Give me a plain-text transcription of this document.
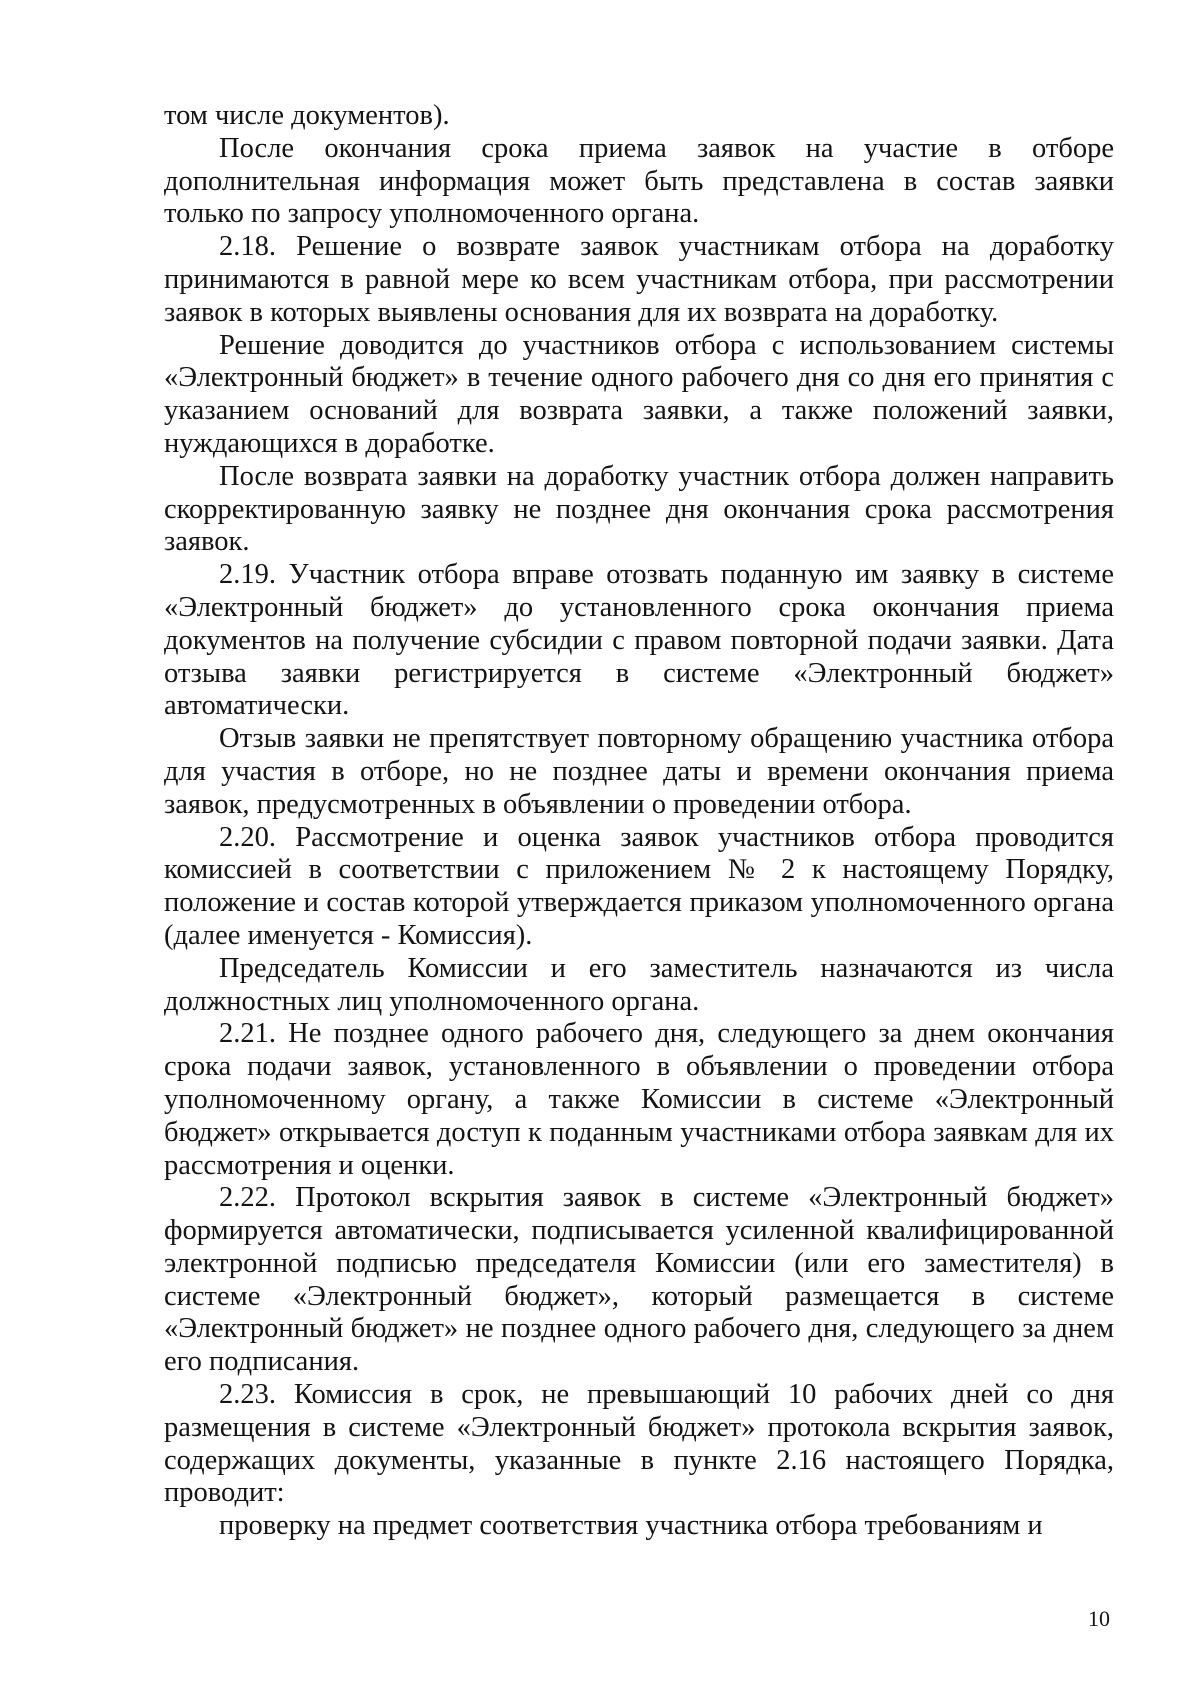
том числе документов).

После окончания срока приема заявок на участие в отборе дополнительная информация может быть представлена в состав заявки только по запросу уполномоченного органа.

2.18. Решение о возврате заявок участникам отбора на доработку принимаются в равной мере ко всем участникам отбора, при рассмотрении заявок в которых выявлены основания для их возврата на доработку.

Решение доводится до участников отбора с использованием системы «Электронный бюджет» в течение одного рабочего дня со дня его принятия с указанием оснований для возврата заявки, а также положений заявки, нуждающихся в доработке.

После возврата заявки на доработку участник отбора должен направить скорректированную заявку не позднее дня окончания срока рассмотрения заявок.

2.19. Участник отбора вправе отозвать поданную им заявку в системе «Электронный бюджет» до установленного срока окончания приема документов на получение субсидии с правом повторной подачи заявки. Дата отзыва заявки регистрируется в системе «Электронный бюджет» автоматически.

Отзыв заявки не препятствует повторному обращению участника отбора для участия в отборе, но не позднее даты и времени окончания приема заявок, предусмотренных в объявлении о проведении отбора.

2.20. Рассмотрение и оценка заявок участников отбора проводится комиссией в соответствии с приложением № 2 к настоящему Порядку, положение и состав которой утверждается приказом уполномоченного органа (далее именуется - Комиссия).

Председатель Комиссии и его заместитель назначаются из числа должностных лиц уполномоченного органа.

2.21. Не позднее одного рабочего дня, следующего за днем окончания срока подачи заявок, установленного в объявлении о проведении отбора уполномоченному органу, а также Комиссии в системе «Электронный бюджет» открывается доступ к поданным участниками отбора заявкам для их рассмотрения и оценки.

2.22. Протокол вскрытия заявок в системе «Электронный бюджет» формируется автоматически, подписывается усиленной квалифицированной электронной подписью председателя Комиссии (или его заместителя) в системе «Электронный бюджет», который размещается в системе «Электронный бюджет» не позднее одного рабочего дня, следующего за днем его подписания.

2.23. Комиссия в срок, не превышающий 10 рабочих дней со дня размещения в системе «Электронный бюджет» протокола вскрытия заявок, содержащих документы, указанные в пункте 2.16 настоящего Порядка, проводит:

проверку на предмет соответствия участника отбора требованиям и

10
